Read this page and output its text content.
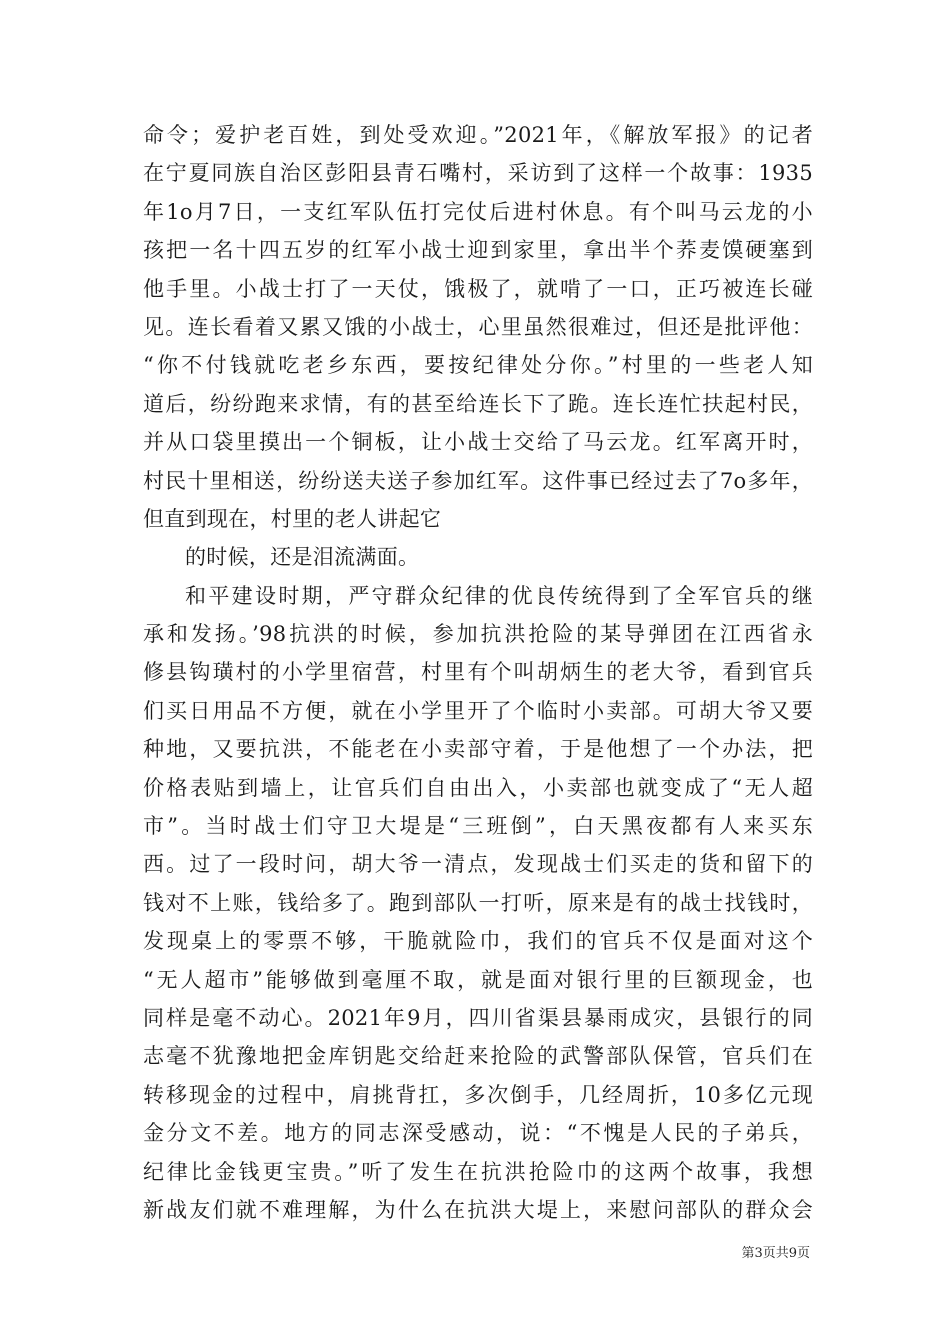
命令；爱护老百姓，到处受欢迎。”2021年，《解放军报》的记者
在宁夏同族自治区彭阳县青石嘴村，采访到了这样一个故事：1935
年1o月7日，一支红军队伍打完仗后进村休息。有个叫马云龙的小
孩把一名十四五岁的红军小战士迎到家里，拿出半个荞麦馍硬塞到
他手里。小战士打了一天仗，饿极了，就啃了一口，正巧被连长碰
见。连长看着又累又饿的小战士，心里虽然很难过，但还是批评他：
“你不付钱就吃老乡东西，要按纪律处分你。”村里的一些老人知
道后，纷纷跑来求情，有的甚至给连长下了跪。连长连忙扶起村民，
并从口袋里摸出一个铜板，让小战士交给了马云龙。红军离开时，
村民十里相送，纷纷送夫送子参加红军。这件事已经过去了7o多年，
但直到现在，村里的老人讲起它
的时候，还是泪流满面。
和平建设时期，严守群众纪律的优良传统得到了全军官兵的继
承和发扬。’98抗洪的时候，参加抗洪抢险的某导弹团在江西省永
修县钩璜村的小学里宿营，村里有个叫胡炳生的老大爷，看到官兵
们买日用品不方便，就在小学里开了个临时小卖部。可胡大爷又要
种地，又要抗洪，不能老在小卖部守着，于是他想了一个办法，把
价格表贴到墙上，让官兵们自由出入，小卖部也就变成了“无人超
市”。当时战士们守卫大堤是“三班倒”，白天黑夜都有人来买东
西。过了一段时问，胡大爷一清点，发现战士们买走的货和留下的
钱对不上账，钱给多了。跑到部队一打听，原来是有的战士找钱时，
发现桌上的零票不够，干脆就险巾，我们的官兵不仅是面对这个
“无人超市”能够做到毫厘不取，就是面对银行里的巨额现金，也
同样是毫不动心。2021年9月，四川省渠县暴雨成灾，县银行的同
志毫不犹豫地把金库钥匙交给赶来抢险的武警部队保管，官兵们在
转移现金的过程中，肩挑背扛，多次倒手，几经周折，10多亿元现
金分文不差。地方的同志深受感动，说：“不愧是人民的子弟兵，
纪律比金钱更宝贵。”听了发生在抗洪抢险巾的这两个故事，我想
新战友们就不难理解，为什么在抗洪大堤上，来慰问部队的群众会
第3页共9页
